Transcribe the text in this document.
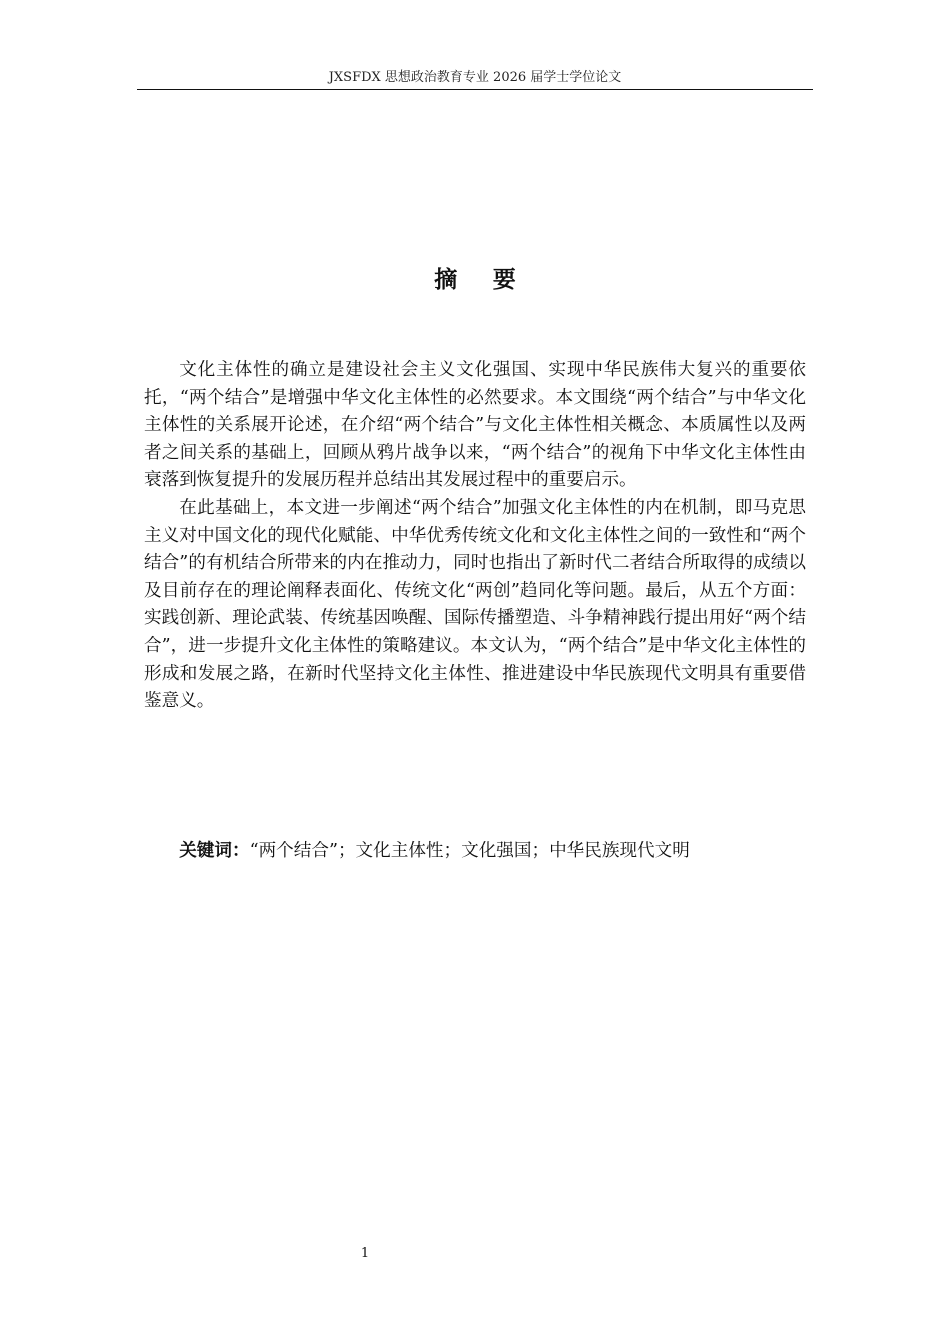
JXSFDX 思想政治教育专业 2026 届学士学位论文
摘 要

文化主体性的确立是建设社会主义文化强国、实现中华民族伟大复兴的重要依托，“两个结合”是增强中华文化主体性的必然要求。本文围绕“两个结合”与中华文化主体性的关系展开论述，在介绍“两个结合”与文化主体性相关概念、本质属性以及两者之间关系的基础上，回顾从鸦片战争以来，“两个结合”的视角下中华文化主体性由衰落到恢复提升的发展历程并总结出其发展过程中的重要启示。

在此基础上，本文进一步阐述“两个结合”加强文化主体性的内在机制，即马克思主义对中国文化的现代化赋能、中华优秀传统文化和文化主体性之间的一致性和“两个结合”的有机结合所带来的内在推动力，同时也指出了新时代二者结合所取得的成绩以及目前存在的理论阐释表面化、传统文化“两创”趋同化等问题。最后，从五个方面：实践创新、理论武装、传统基因唤醒、国际传播塑造、斗争精神践行提出用好“两个结合”，进一步提升文化主体性的策略建议。本文认为，“两个结合”是中华文化主体性的形成和发展之路，在新时代坚持文化主体性、推进建设中华民族现代文明具有重要借鉴意义。

关键词：“两个结合”；文化主体性；文化强国；中华民族现代文明
1
